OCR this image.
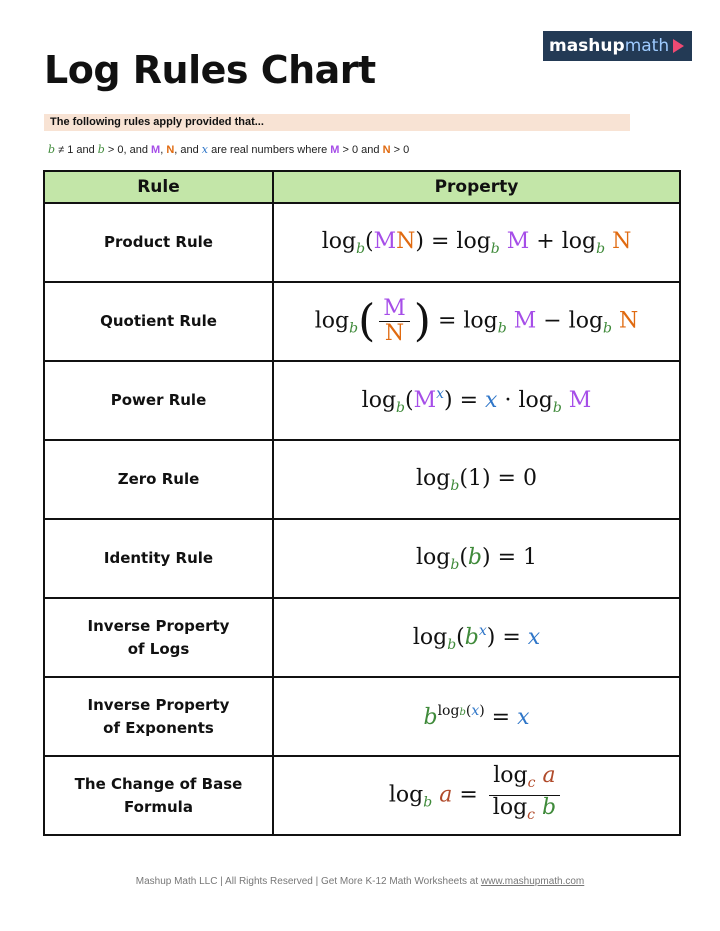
Log Rules Chart
mashup math
The following rules apply provided that...
b ≠ 1 and b > 0, and M, N, and x are real numbers where M > 0 and N > 0
Rule	Property
Product Rule	$\log_b(MN) = \log_b M + \log_b N$
Quotient Rule	$\log_b( \frac{M}{N}$ ) = $\log_b M - \log_b N$
Power Rule	$\log_b(M^x) = x \cdot \log_b M$
Zero Rule	$\log_b(1) = 0$
Identity Rule	$\log_b(b) = 1$
Inverse Property
of Logs	$\log_b(b^x) = x$
Inverse Property
of Exponents	$b^{logb(x)} = x$
The Change of Base
Formula	$\log_b a = \frac{\log_c a}{\log_c b}$
Mashup Math LLC | All Rights Reserved | Get More K-12 Math Worksheets at www.mashupmath.com
